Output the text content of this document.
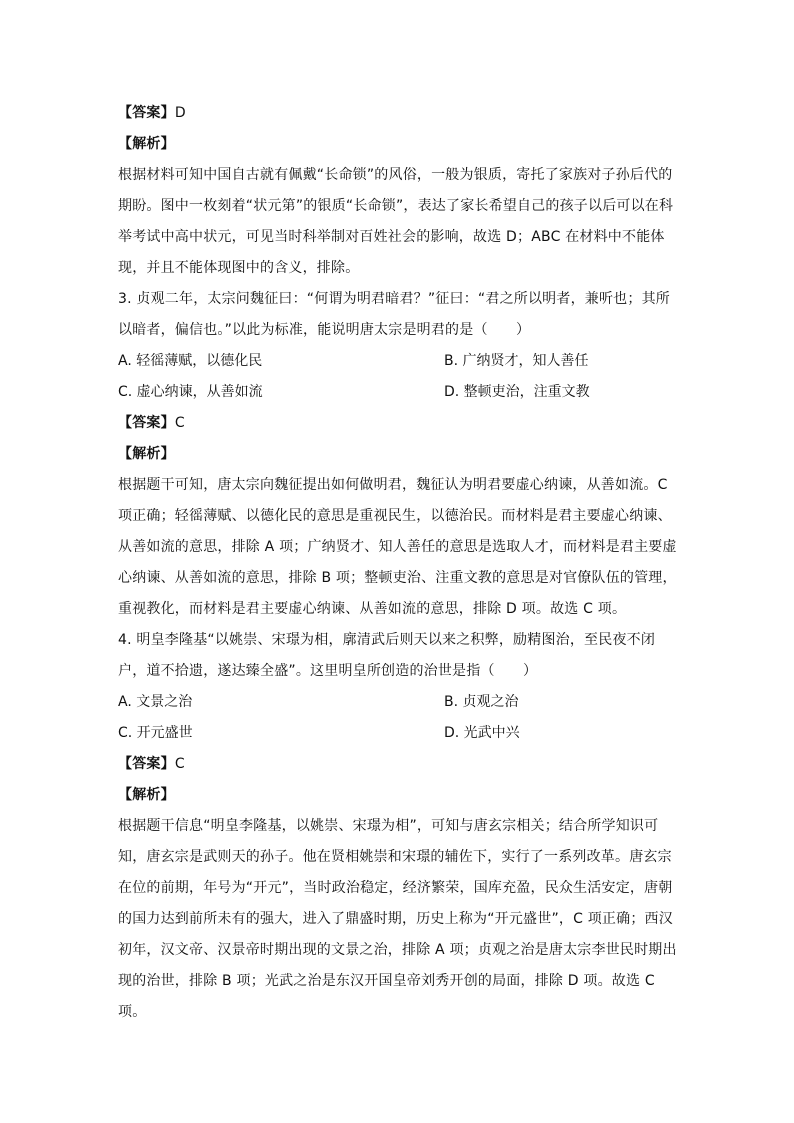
【答案】D
【解析】
根据材料可知中国自古就有佩戴“长命锁”的风俗，一般为银质，寄托了家族对子孙后代的
期盼。图中一枚刻着“状元第”的银质“长命锁”，表达了家长希望自己的孩子以后可以在科
举考试中高中状元，可见当时科举制对百姓社会的影响，故选 D；ABC 在材料中不能体
现，并且不能体现图中的含义，排除。
3. 贞观二年，太宗问魏征曰：“何谓为明君暗君？”征曰：“君之所以明者，兼听也；其所
以暗者，偏信也。”以此为标准，能说明唐太宗是明君的是（　　）
A. 轻徭薄赋，以德化民	B. 广纳贤才，知人善任
C. 虚心纳谏，从善如流	D. 整顿吏治，注重文教
【答案】C
【解析】
根据题干可知，唐太宗向魏征提出如何做明君，魏征认为明君要虚心纳谏，从善如流。C
项正确；轻徭薄赋、以德化民的意思是重视民生，以德治民。而材料是君主要虚心纳谏、
从善如流的意思，排除 A 项；广纳贤才、知人善任的意思是选取人才，而材料是君主要虚
心纳谏、从善如流的意思，排除 B 项；整顿吏治、注重文教的意思是对官僚队伍的管理，
重视教化，而材料是君主要虚心纳谏、从善如流的意思，排除 D 项。故选 C 项。
4. 明皇李隆基“以姚崇、宋璟为相，廓清武后则天以来之积弊，励精图治，至民夜不闭
户，道不拾遗，遂达臻全盛”。这里明皇所创造的治世是指（　　）
A. 文景之治	B. 贞观之治
C. 开元盛世	D. 光武中兴
【答案】C
【解析】
根据题干信息“明皇李隆基，以姚崇、宋璟为相”，可知与唐玄宗相关；结合所学知识可
知，唐玄宗是武则天的孙子。他在贤相姚崇和宋璟的辅佐下，实行了一系列改革。唐玄宗
在位的前期，年号为“开元”，当时政治稳定，经济繁荣，国库充盈，民众生活安定，唐朝
的国力达到前所未有的强大，进入了鼎盛时期，历史上称为“开元盛世”，C 项正确；西汉
初年，汉文帝、汉景帝时期出现的文景之治，排除 A 项；贞观之治是唐太宗李世民时期出
现的治世，排除 B 项；光武之治是东汉开国皇帝刘秀开创的局面，排除 D 项。故选 C
项。
